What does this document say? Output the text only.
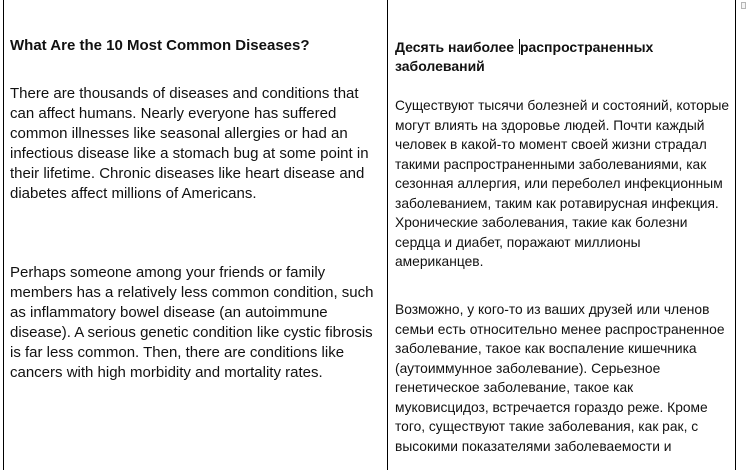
What Are the 10 Most Common Diseases?

There are thousands of diseases and conditions that can affect humans. Nearly everyone has suffered common illnesses like seasonal allergies or had an infectious disease like a stomach bug at some point in their lifetime. Chronic diseases like heart disease and diabetes affect millions of Americans.

Perhaps someone among your friends or family members has a relatively less common condition, such as inflammatory bowel disease (an autoimmune disease). A serious genetic condition like cystic fibrosis is far less common. Then, there are conditions like cancers with high morbidity and mortality rates.

Десять наиболее распространенных заболеваний

Существуют тысячи болезней и состояний, которые могут влиять на здоровье людей. Почти каждый человек в какой-то момент своей жизни страдал такими распространенными заболеваниями, как сезонная аллергия, или переболел инфекционным заболеванием, таким как ротавирусная инфекция. Хронические заболевания, такие как болезни сердца и диабет, поражают миллионы американцев.

Возможно, у кого-то из ваших друзей или членов семьи есть относительно менее распространенное заболевание, такое как воспаление кишечника (аутоиммунное заболевание). Серьезное генетическое заболевание, такое как муковисцидоз, встречается гораздо реже. Кроме того, существуют такие заболевания, как рак, с высокими показателями заболеваемости и
